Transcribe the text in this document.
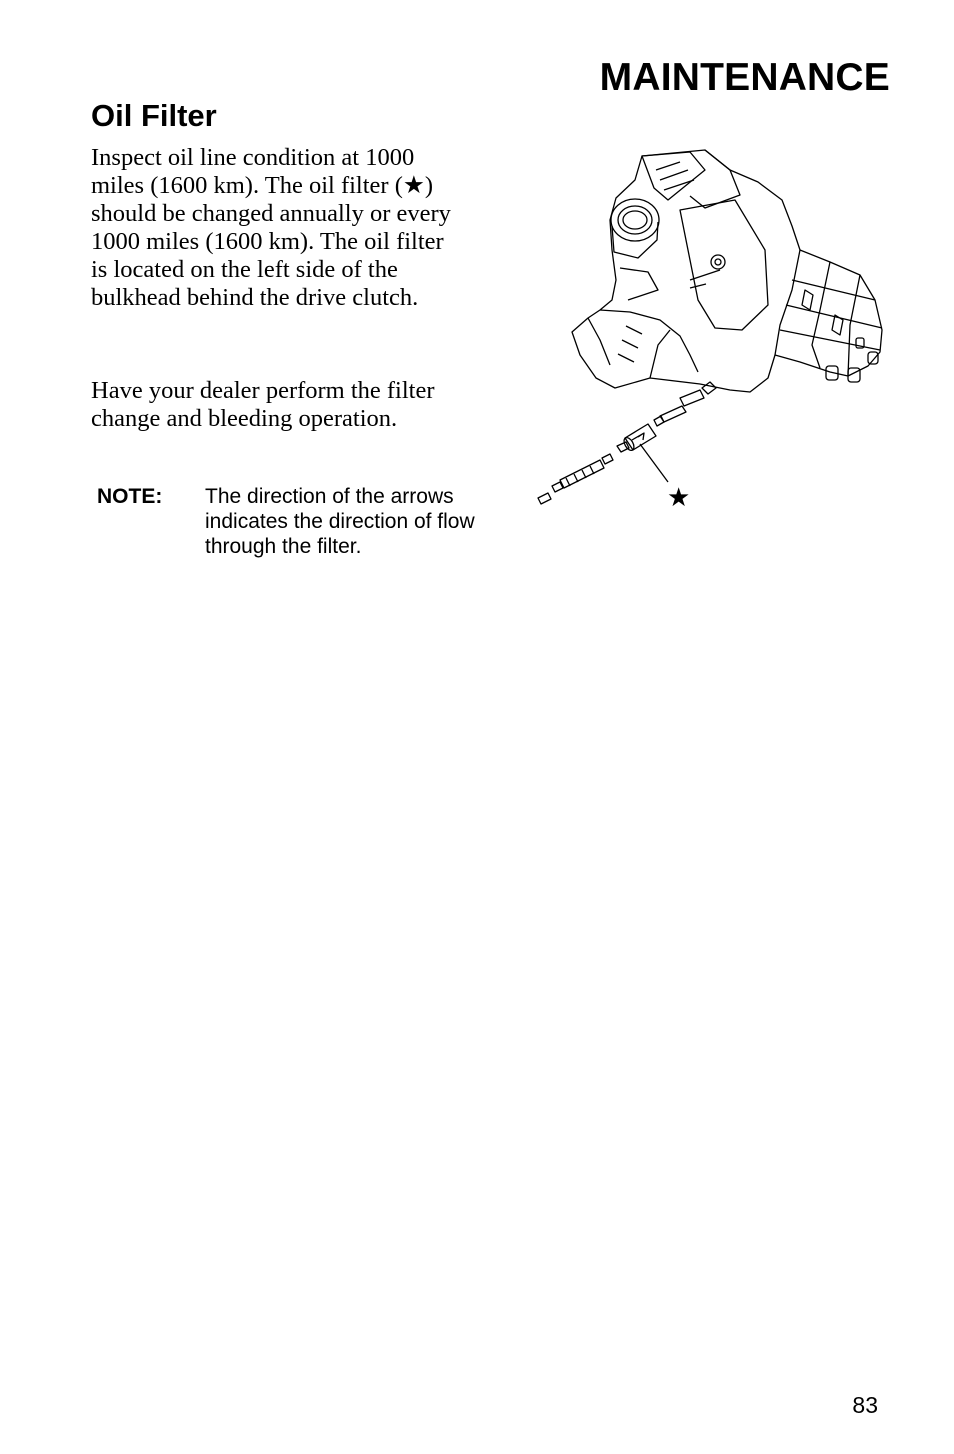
MAINTENANCE
Oil Filter

Inspect oil line condition at 1000 miles (1600 km). The oil filter (★) should be changed annually or every 1000 miles (1600 km). The oil filter is located on the left side of the bulkhead behind the drive clutch.

Have your dealer perform the filter change and bleeding operation.

NOTE: The direction of the arrows indicates the direction of flow through the filter.
★
83
